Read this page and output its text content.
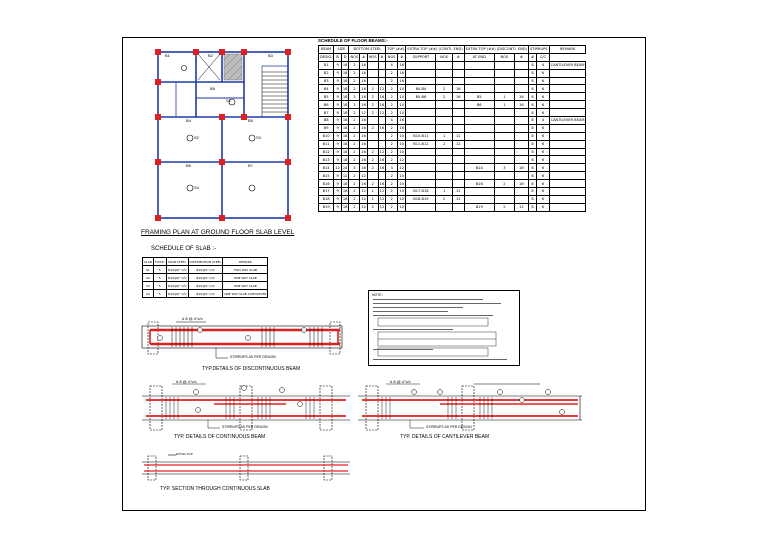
B1	B2	B3
B4	B5
B6	B7
B8
S1
S2	S3
S4
FRAMING PLAN AT GROUND FLOOR SLAB LEVEL
SCHEDULE OF SLAB :-
SCHEDULE OF FLOOR BEAMS:-
BEAM	SIZE		BOTTOM STEEL				TOP (##)		EXTRA TOP (##) (CONTI. END)			EXTRA TOP (##) (DISCONTI. END)			STIRRUPS		REMARK
DESIG.	B	D	NOS	#	NOS	#	NOS	#	SUPPORT	NOS	#	AT END	NOS	#	#	C/C	
B1	9	18	2	16			4	16							8	4	CANTILEVER BEAM
B2	9	18	2	16			2	16							8	6	
B3	9	18	2	16			2	16							8	6	
B4	9	18	2	16	2	12	2	10	B4-B4	2	16				8	6	
B5	9	18	3	16	2	16	2	10	B5-B6	2	16	B5	1	16	8	6	
B6	9	18	3	16	2	16	2	10				B6	1	16	8	6	
B7	9	18	2	12	2	12	2	10							8	6	
B8	9	18	2	16			4	16							8	4	CANTILEVER BEAM
B9	9	18	2	16	2	16	2	16							8	6	
B10	9	18	2	16			2	10	B10-B11	1	12				8	6	
B11	9	18	2	16			2	10	B11-B12	2	12				8	6	
B12	9	18	2	16	2	12	2	10							8	6	
B13	9	18	2	16	2	16	2	12							8	6	
B14	12	24	3	16	2	16	3	12				B14	3	16	8	6	
B15	9	12	2	12			2	10							8	6	
B16	9	18	2	16	2	16	2	10				B16	2	16	8	6	
B17	9	18	2	12	1	12	2	10	B17-B18	1	12				8	6	
B18	9	18	2	12	1	12	2	10	B18-B19	2	12				8	6	
B19	9	18	2	12	2	12	2	10				B19	2	12	8	6	
SLAB	THICK.	MAIN STEEL	DISTRIBUTION STEEL	REMARK
S1	5	#10@6" C/C	#10@6" C/C	TWO WAY SLAB
S2	5	#10@6" C/C	#10@6" C/C	ONE WAY SLAB
S3	5	#10@6" C/C	#10@6" C/C	ONE WAY SLAB
S4	5	#10@6" C/C	#10@6" C/C	ONE WAY SLAB CANTILEVER	NOTE:
# 8 @ 4"c/c
STIRRUPS AS PER DESIGN
TYP.DETAILS OF DISCONTINUOUS BEAM
# 8 @ 4"c/c
STIRRUPS AS PER DESIGN
TYP. DETAILS OF CONTINUOUS BEAM
# 8 @ 4"c/c
STIRRUPS AS PER DESIGN
TYP. DETAILS OF CANTILEVER BEAM
EXTRA TOP
TYP. SECTION THROUGH CONTINUOUS SLAB
